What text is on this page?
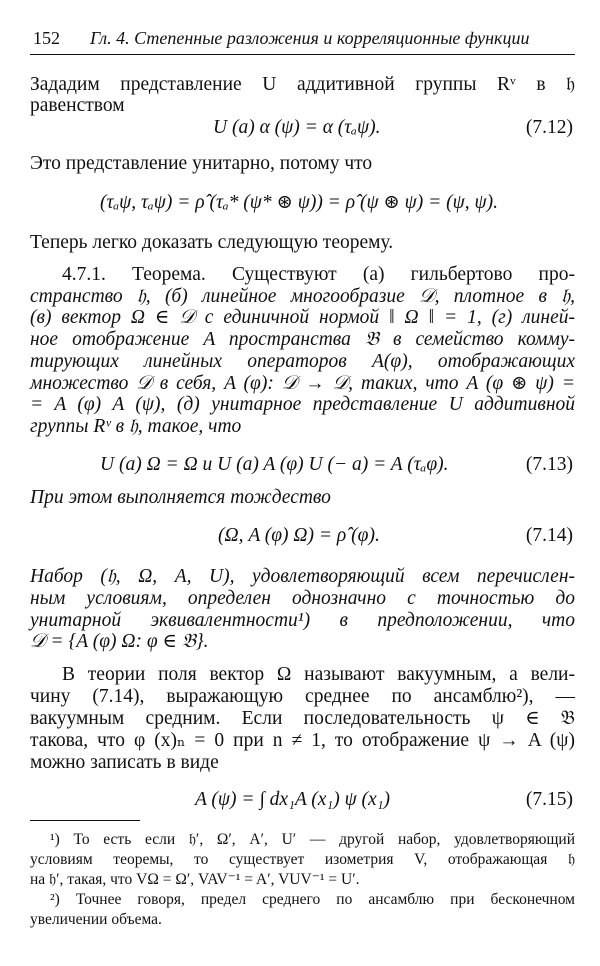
152 Гл. 4. Степенные разложения и корреляционные функции
Зададим представление U аддитивной группы Rᵛ в 𝔥
равенством
U (a) α (ψ) = α (τₐψ).	(7.12)
Это представление унитарно, потому что
(τₐψ, τₐψ) = ρ̂ (τₐ* (ψ* ⊛ ψ)) = ρ̂ (ψ ⊛ ψ) = (ψ, ψ).
Теперь легко доказать следующую теорему.
4.7.1. Теорема. Существуют (а) гильбертово про-
странство 𝔥, (б) линейное многообразие 𝒟, плотное в 𝔥,
(в) вектор Ω ∈ 𝒟 с единичной нормой ‖ Ω ‖ = 1, (г) линей-
ное отображение A пространства 𝔅 в семейство комму-
тирующих линейных операторов A(φ), отображающих
множество 𝒟 в себя, A (φ): 𝒟 → 𝒟, таких, что A (φ ⊛ ψ) =
= A (φ) A (ψ), (д) унитарное представление U аддитивной
группы Rᵛ в 𝔥, такое, что
U (a) Ω = Ω и U (a) A (φ) U (− a) = A (τₐφ).	(7.13)
При этом выполняется тождество
(Ω, A (φ) Ω) = ρ̂ (φ).	(7.14)
Набор (𝔥, Ω, A, U), удовлетворяющий всем перечислен-
ным условиям, определен однозначно с точностью до
унитарной эквивалентности¹) в предположении, что
𝒟 = {A (φ) Ω: φ ∈ 𝔅}.
В теории поля вектор Ω называют вакуумным, а вели-
чину (7.14), выражающую среднее по ансамблю²), —
вакуумным средним. Если последовательность ψ ∈ 𝔅
такова, что φ (x)ₙ = 0 при n ≠ 1, то отображение ψ → A (ψ)
можно записать в виде
A (ψ) = ∫ dx₁A (x₁) ψ (x₁)	(7.15)
¹) То есть если 𝔥′, Ω′, A′, U′ — другой набор, удовлетворяющий
условиям теоремы, то существует изометрия V, отображающая 𝔥
на 𝔥′, такая, что VΩ = Ω′, VAV⁻¹ = A′, VUV⁻¹ = U′.
²) Точнее говоря, предел среднего по ансамблю при бесконечном
увеличении объема.
